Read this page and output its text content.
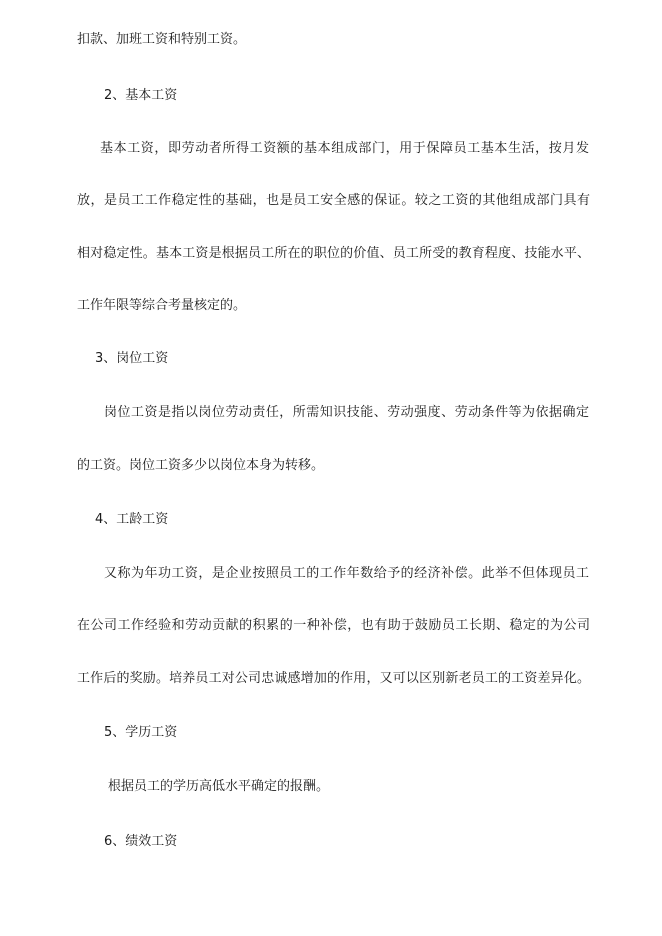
扣款、加班工资和特别工资。
2、基本工资
基本工资，即劳动者所得工资额的基本组成部门，用于保障员工基本生活，按月发
放，是员工工作稳定性的基础，也是员工安全感的保证。较之工资的其他组成部门具有
相对稳定性。基本工资是根据员工所在的职位的价值、员工所受的教育程度、技能水平、
工作年限等综合考量核定的。
3、岗位工资
岗位工资是指以岗位劳动责任，所需知识技能、劳动强度、劳动条件等为依据确定
的工资。岗位工资多少以岗位本身为转移。
4、工龄工资
又称为年功工资，是企业按照员工的工作年数给予的经济补偿。此举不但体现员工
在公司工作经验和劳动贡献的积累的一种补偿，也有助于鼓励员工长期、稳定的为公司
工作后的奖励。培养员工对公司忠诚感增加的作用，又可以区别新老员工的工资差异化。
5、学历工资
根据员工的学历高低水平确定的报酬。
6、绩效工资
